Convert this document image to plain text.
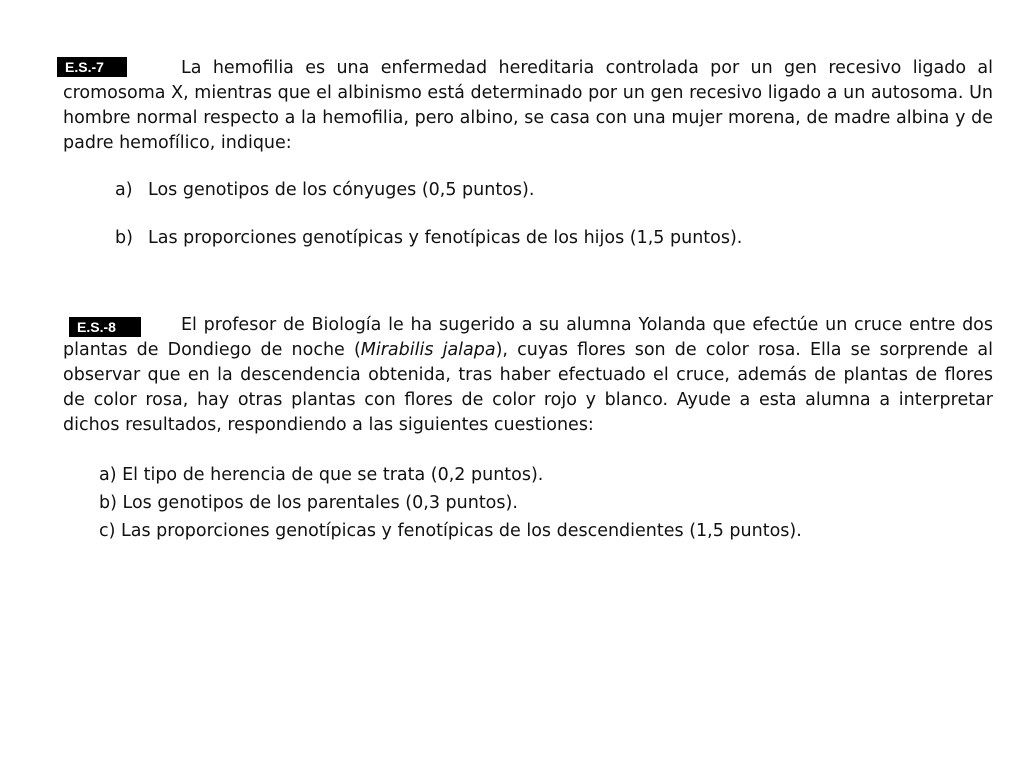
La hemofilia es una enfermedad hereditaria controlada por un gen recesivo ligado al cromosoma X, mientras que el albinismo está determinado por un gen recesivo ligado a un autosoma. Un hombre normal respecto a la hemofilia, pero albino, se casa con una mujer morena, de madre albina y de padre hemofílico, indique:
E.S.-7
a) Los genotipos de los cónyuges (0,5 puntos).
b) Las proporciones genotípicas y fenotípicas de los hijos (1,5 puntos).
El profesor de Biología le ha sugerido a su alumna Yolanda que efectúe un cruce entre dos plantas de Dondiego de noche (Mirabilis jalapa), cuyas flores son de color rosa. Ella se sorprende al observar que en la descendencia obtenida, tras haber efectuado el cruce, además de plantas de flores de color rosa, hay otras plantas con flores de color rojo y blanco. Ayude a esta alumna a interpretar dichos resultados, respondiendo a las siguientes cuestiones:
E.S.-8
a) El tipo de herencia de que se trata (0,2 puntos).
b) Los genotipos de los parentales (0,3 puntos).
c) Las proporciones genotípicas y fenotípicas de los descendientes (1,5 puntos).
